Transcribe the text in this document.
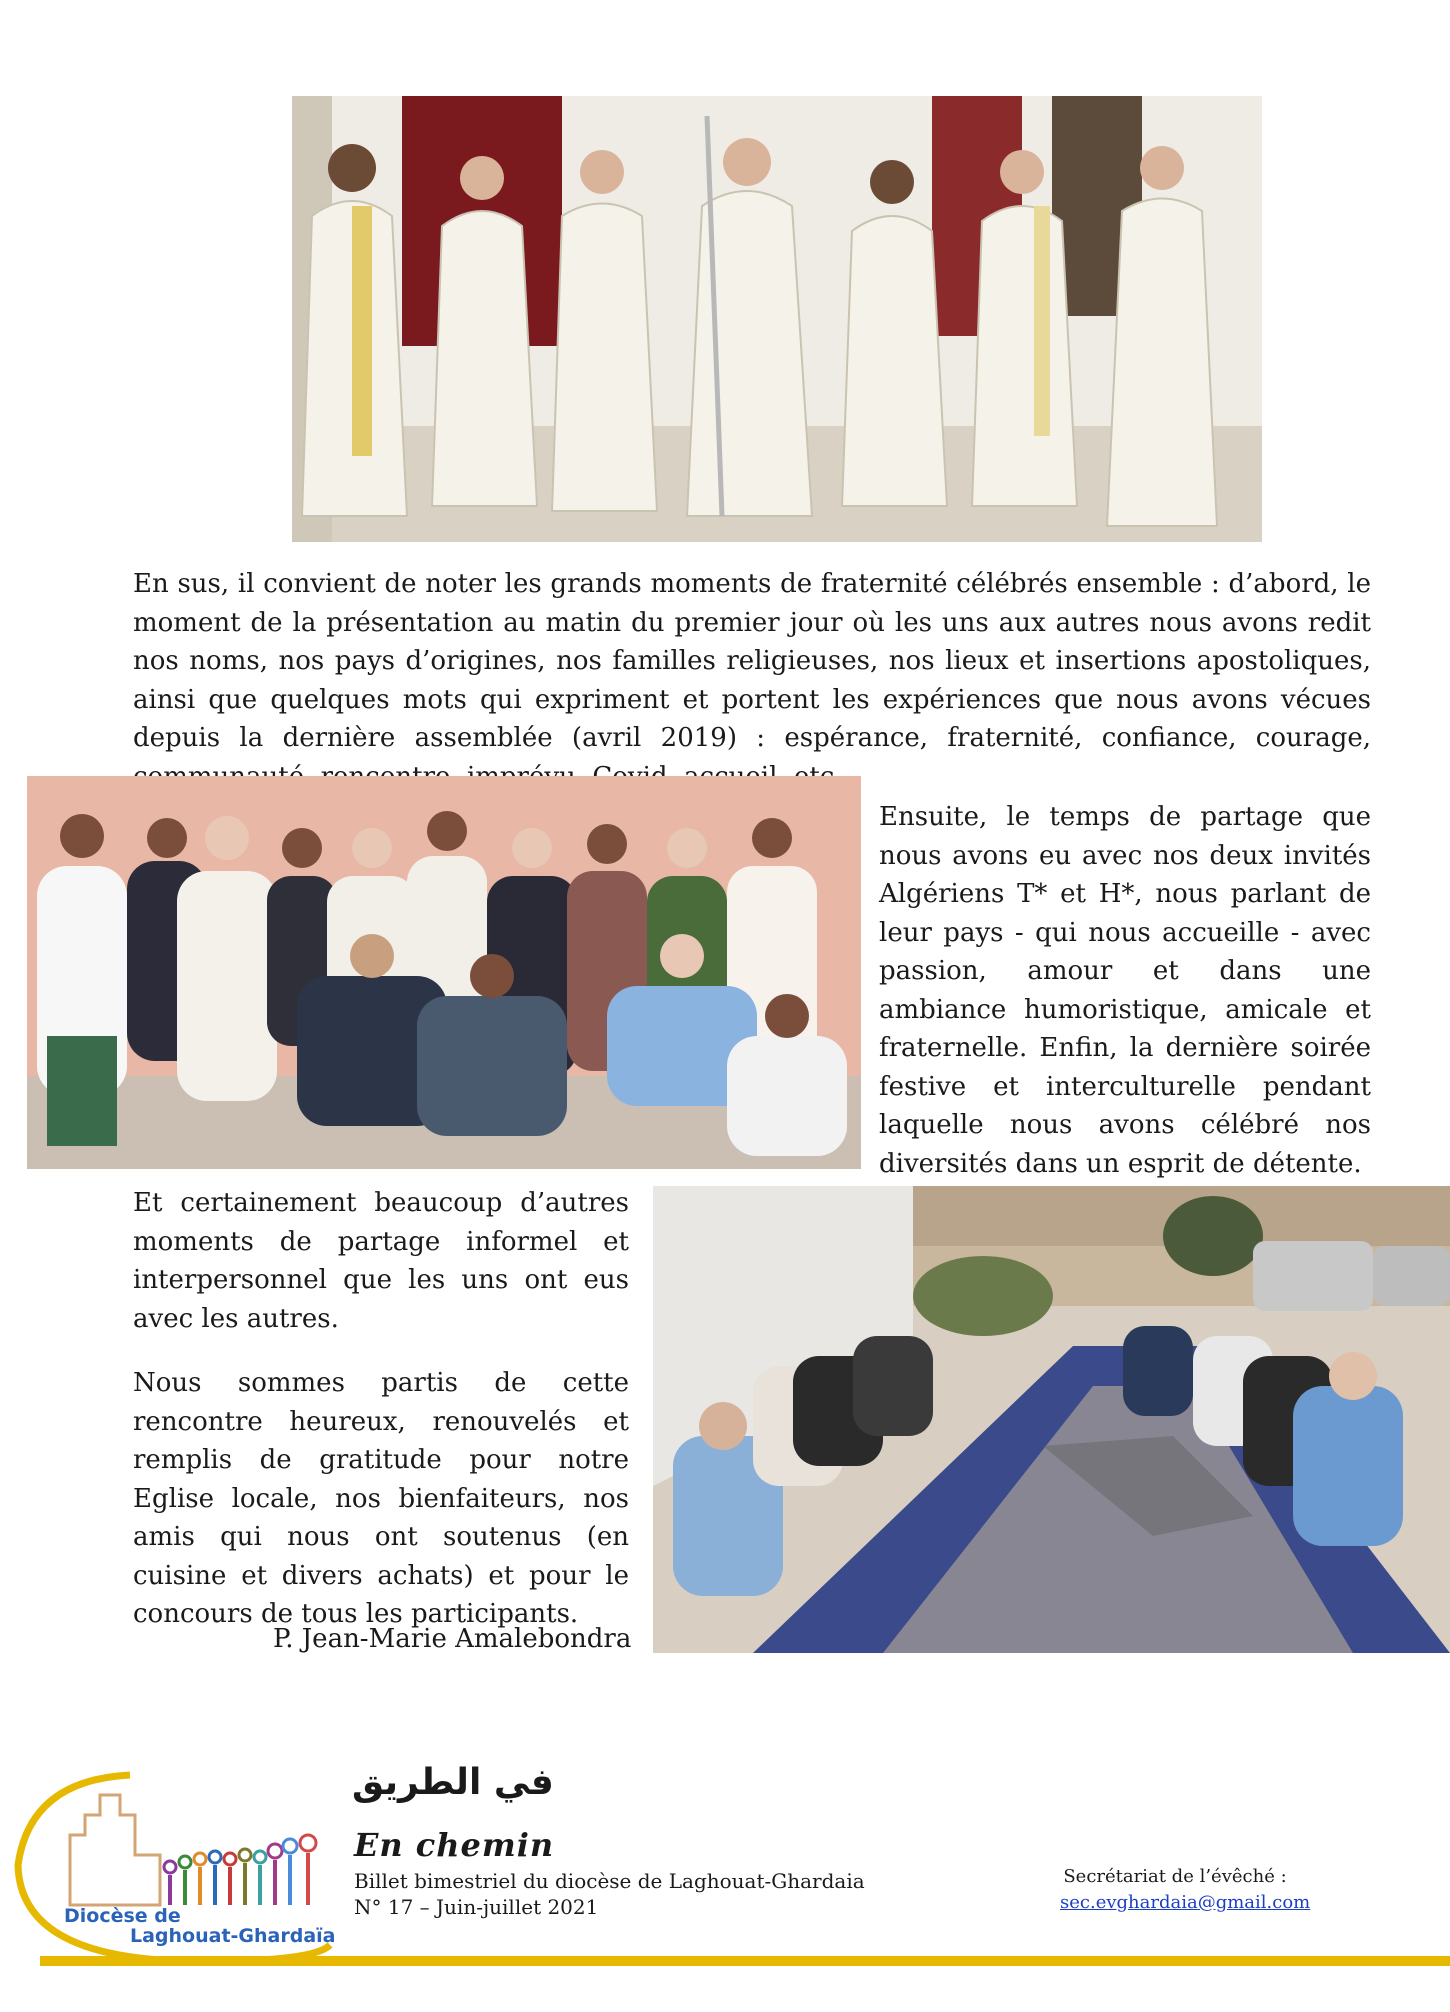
En sus, il convient de noter les grands moments de fraternité célébrés ensemble : d’abord, le moment de la présentation au matin du premier jour où les uns aux autres nous avons redit nos noms, nos pays d’origines, nos familles religieuses, nos lieux et insertions apostoliques, ainsi que quelques mots qui expriment et portent les expériences que nous avons vécues depuis la dernière assemblée (avril 2019) : espérance, fraternité, confiance, courage,

Ensuite, le temps de partage que nous avons eu avec nos deux invités Algériens T* et H*, nous parlant de leur pays - qui nous accueille - avec passion, amour et dans une ambiance humoristique, amicale et fraternelle. Enfin, la dernière soirée festive et interculturelle pendant laquelle nous avons célébré nos diversités dans un esprit de détente.

Et certainement beaucoup d’autres moments de partage informel et interpersonnel que les uns ont eus avec les autres.

Nous sommes partis de cette rencontre heureux, renouvelés et remplis de gratitude pour notre Eglise locale, nos bienfaiteurs, nos amis qui nous ont soutenus (en cuisine et divers achats) et pour le concours de tous les participants.

P. Jean-Marie Amalebondra
Diocèse de
Laghouat-Ghardaïa
في الطريق
En chemin
Billet bimestriel du diocèse de Laghouat-Ghardaia
N° 17 – Juin-juillet 2021
Secrétariat de l’évêché :
sec.evghardaia@gmail.com
